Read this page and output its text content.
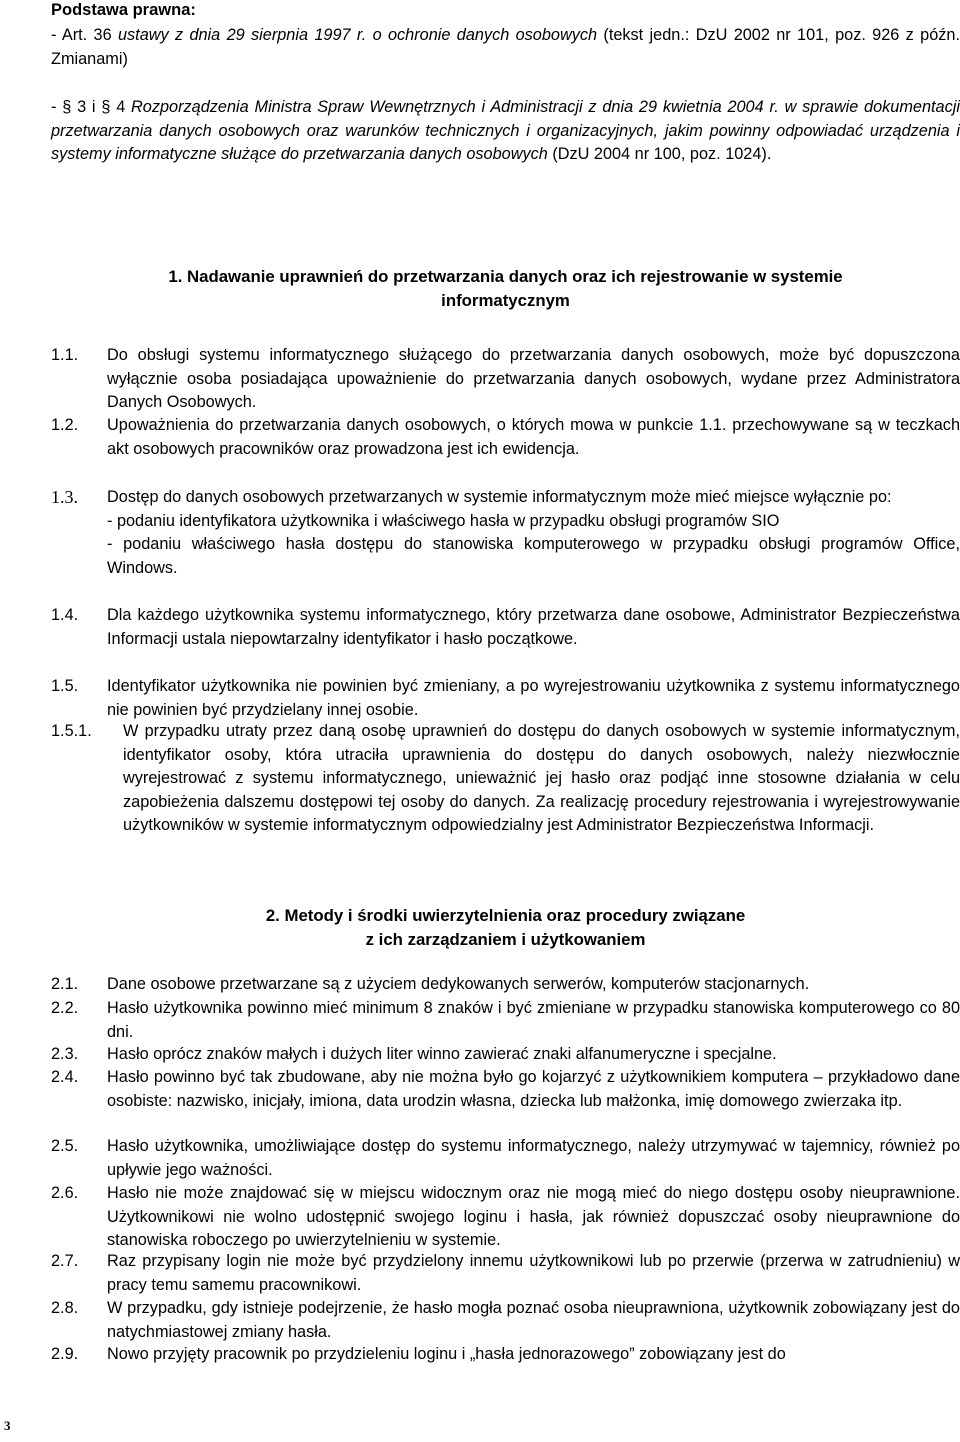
Podstawa prawna:
- Art. 36 ustawy z dnia 29 sierpnia 1997 r. o ochronie danych osobowych (tekst jedn.: DzU 2002 nr 101, poz. 926 z późn. Zmianami)
- § 3 i § 4 Rozporządzenia Ministra Spraw Wewnętrznych i Administracji z dnia 29 kwietnia 2004 r. w sprawie dokumentacji przetwarzania danych osobowych oraz warunków technicznych i organizacyjnych, jakim powinny odpowiadać urządzenia i systemy informatyczne służące do przetwarzania danych osobowych (DzU 2004 nr 100, poz. 1024).
1. Nadawanie uprawnień do przetwarzania danych oraz ich rejestrowanie w systemie
informatycznym
1.1. Do obsługi systemu informatycznego służącego do przetwarzania danych osobowych, może być dopuszczona wyłącznie osoba posiadająca upoważnienie do przetwarzania danych osobowych, wydane przez Administratora Danych Osobowych.
1.2. Upoważnienia do przetwarzania danych osobowych, o których mowa w punkcie 1.1. przechowywane są w teczkach akt osobowych pracowników oraz prowadzona jest ich ewidencja.
1.3. Dostęp do danych osobowych przetwarzanych w systemie informatycznym może mieć miejsce wyłącznie po:
- podaniu identyfikatora użytkownika i właściwego hasła w przypadku obsługi programów SIO
- podaniu właściwego hasła dostępu do stanowiska komputerowego w przypadku obsługi programów Office, Windows.
1.4. Dla każdego użytkownika systemu informatycznego, który przetwarza dane osobowe, Administrator Bezpieczeństwa Informacji ustala niepowtarzalny identyfikator i hasło początkowe.
1.5. Identyfikator użytkownika nie powinien być zmieniany, a po wyrejestrowaniu użytkownika z systemu informatycznego nie powinien być przydzielany innej osobie.
1.5.1. W przypadku utraty przez daną osobę uprawnień do dostępu do danych osobowych w systemie informatycznym, identyfikator osoby, która utraciła uprawnienia do dostępu do danych osobowych, należy niezwłocznie wyrejestrować z systemu informatycznego, unieważnić jej hasło oraz podjąć inne stosowne działania w celu zapobieżenia dalszemu dostępowi tej osoby do danych. Za realizację procedury rejestrowania i wyrejestrowywanie użytkowników w systemie informatycznym odpowiedzialny jest Administrator Bezpieczeństwa Informacji.
2. Metody i środki uwierzytelnienia oraz procedury związane
z ich zarządzaniem i użytkowaniem
2.1. Dane osobowe przetwarzane są z użyciem dedykowanych serwerów, komputerów stacjonarnych.
2.2. Hasło użytkownika powinno mieć minimum 8 znaków i być zmieniane w przypadku stanowiska komputerowego co 80 dni.
2.3. Hasło oprócz znaków małych i dużych liter winno zawierać znaki alfanumeryczne i specjalne.
2.4. Hasło powinno być tak zbudowane, aby nie można było go kojarzyć z użytkownikiem komputera – przykładowo dane osobiste: nazwisko, inicjały, imiona, data urodzin własna, dziecka lub małżonka, imię domowego zwierzaka itp.
2.5. Hasło użytkownika, umożliwiające dostęp do systemu informatycznego, należy utrzymywać w tajemnicy, również po upływie jego ważności.
2.6. Hasło nie może znajdować się w miejscu widocznym oraz nie mogą mieć do niego dostępu osoby nieuprawnione. Użytkownikowi nie wolno udostępnić swojego loginu i hasła, jak również dopuszczać osoby nieuprawnione do stanowiska roboczego po uwierzytelnieniu w systemie.
2.7. Raz przypisany login nie może być przydzielony innemu użytkownikowi lub po przerwie (przerwa w zatrudnieniu) w pracy temu samemu pracownikowi.
2.8. W przypadku, gdy istnieje podejrzenie, że hasło mogła poznać osoba nieuprawniona, użytkownik zobowiązany jest do natychmiastowej zmiany hasła.
2.9. Nowo przyjęty pracownik po przydzieleniu loginu i „hasła jednorazowego” zobowiązany jest do
3
